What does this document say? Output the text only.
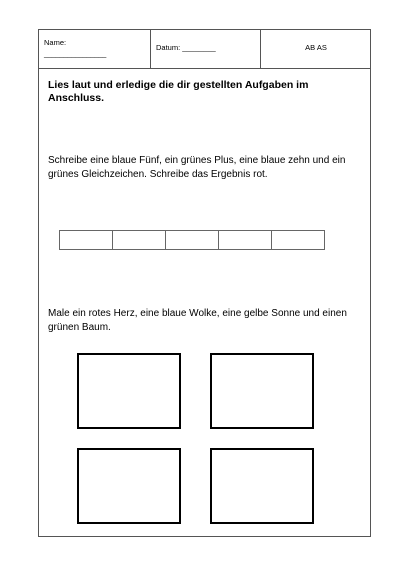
Name:
________________
Datum: ________	AB AS
Lies laut und erledige die dir gestellten Aufgaben im Anschluss.
Schreibe eine blaue Fünf, ein grünes Plus, eine blaue zehn und ein grünes Gleichzeichen. Schreibe das Ergebnis rot.
Male ein rotes Herz, eine blaue Wolke, eine gelbe Sonne und einen grünen Baum.
